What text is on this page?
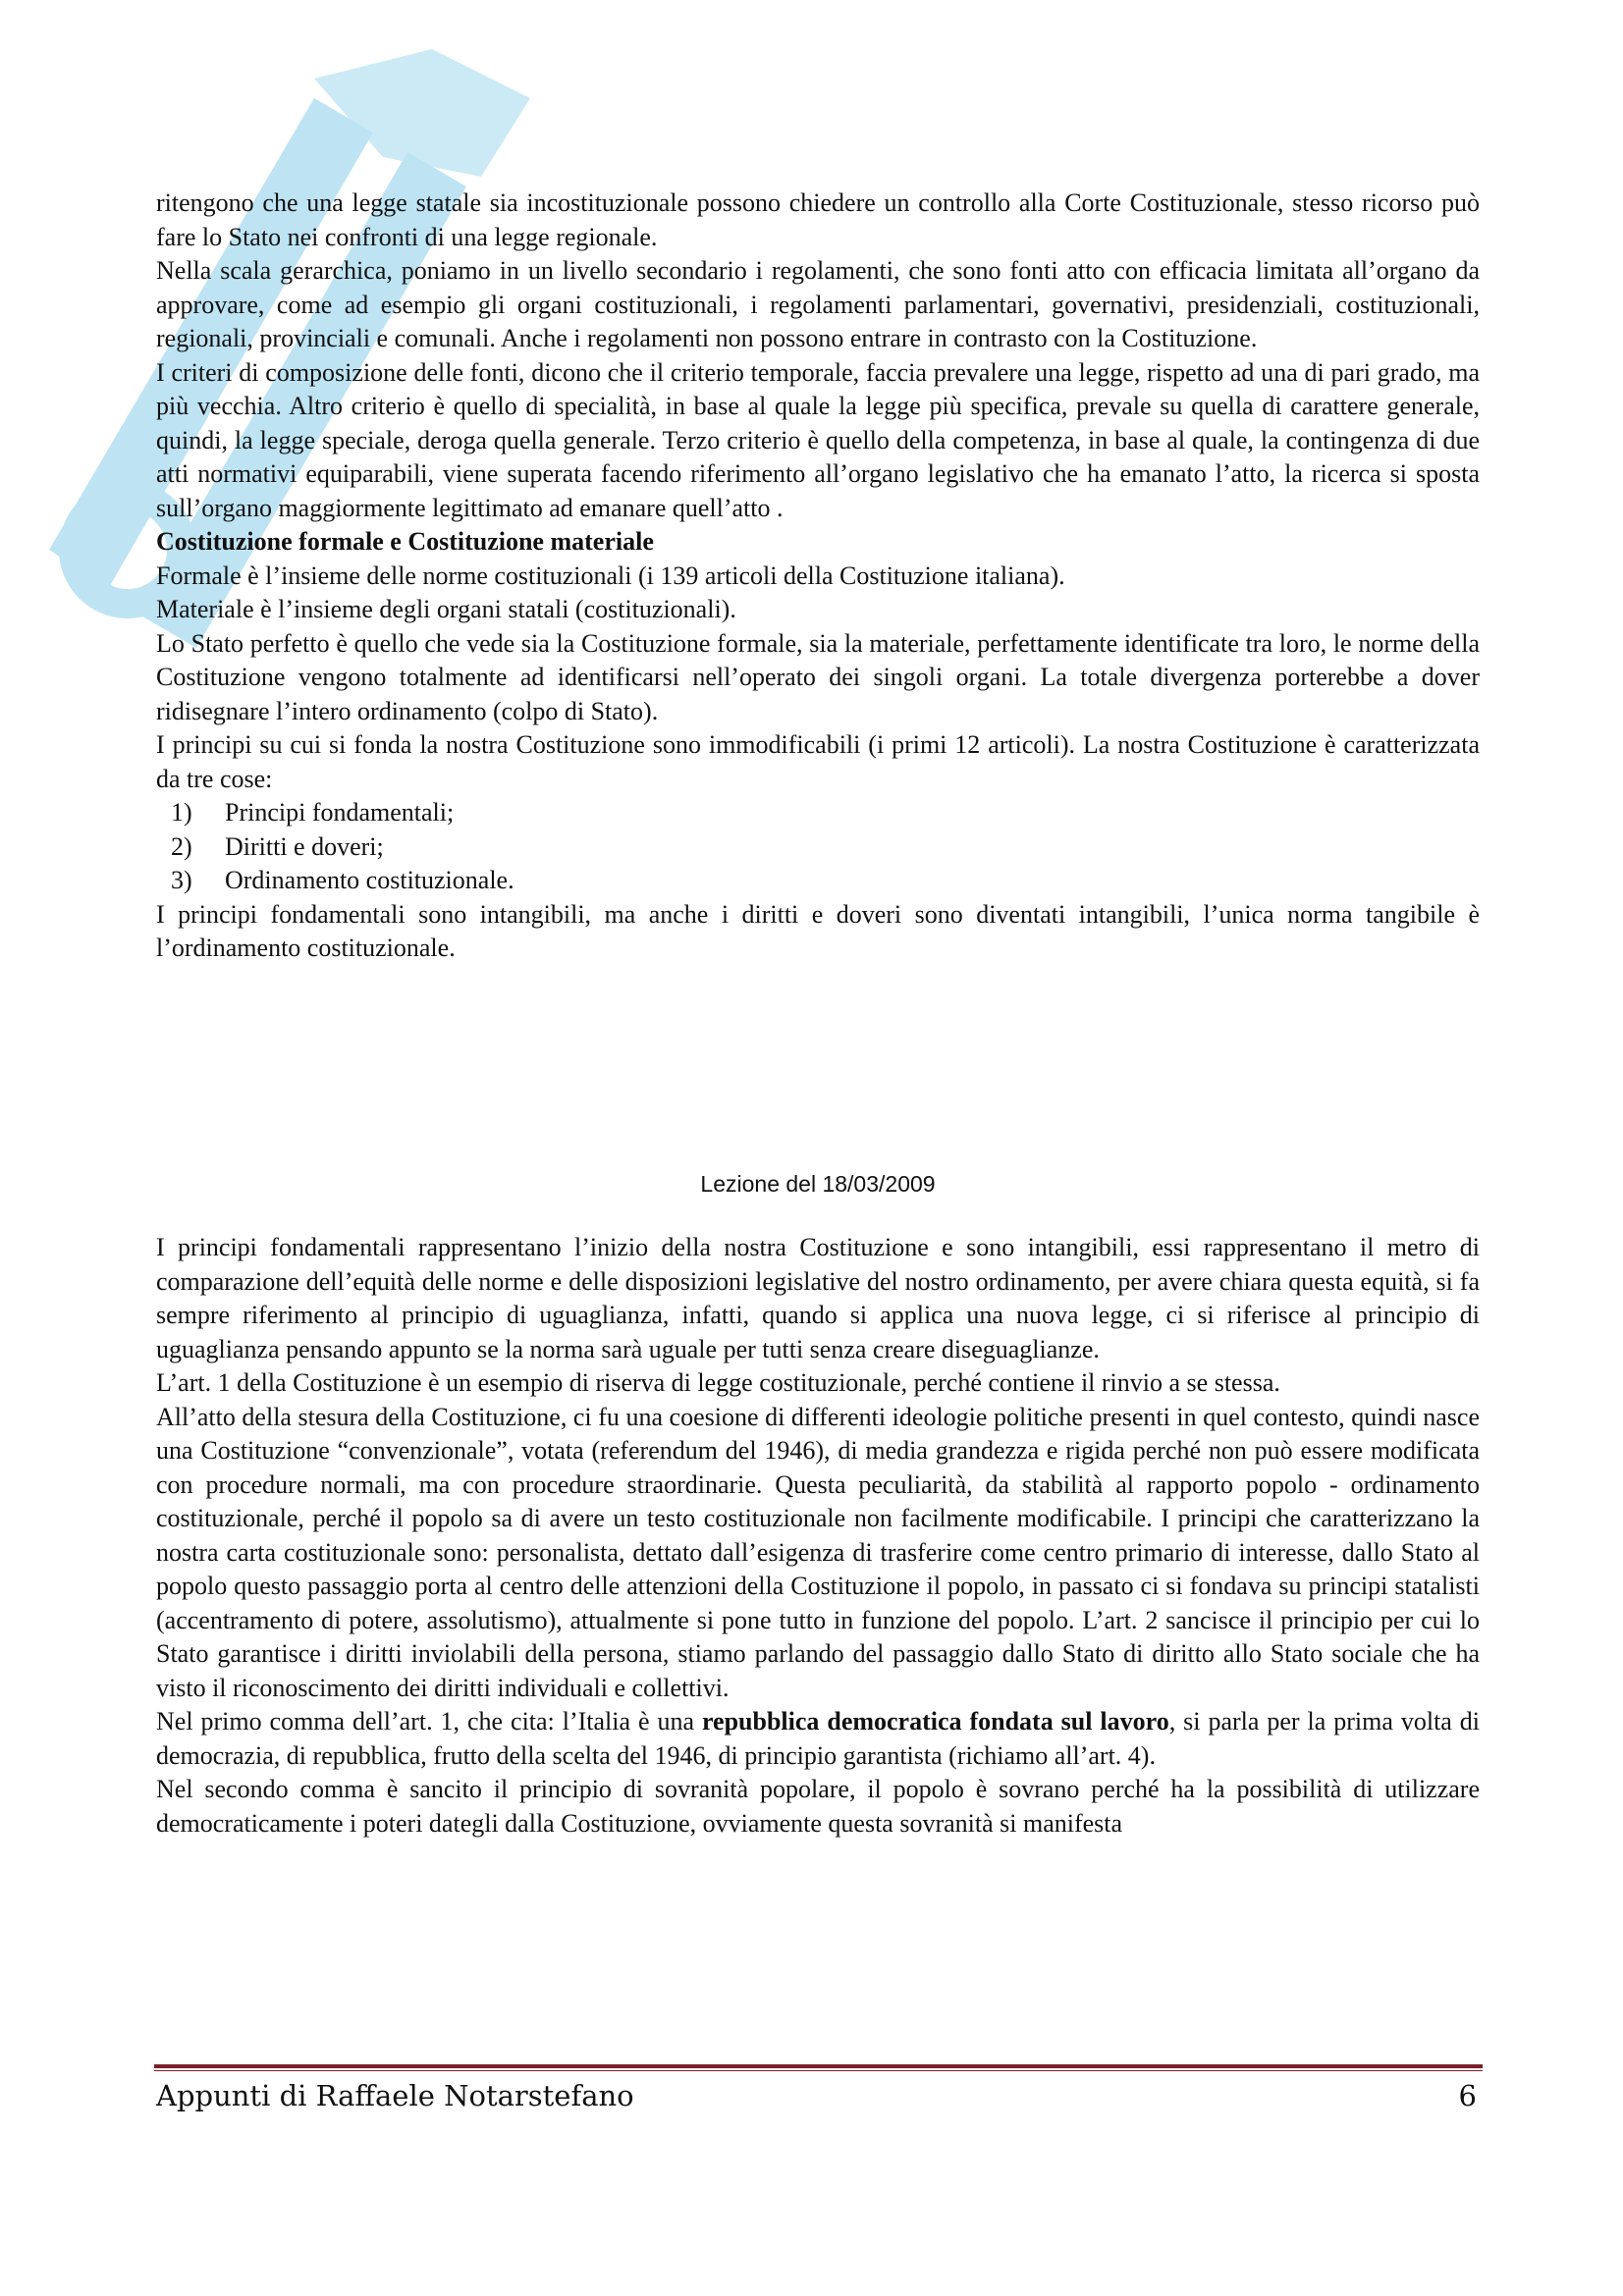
ritengono che una legge statale sia incostituzionale possono chiedere un controllo alla Corte Costituzionale, stesso ricorso può fare lo Stato nei confronti di una legge regionale.

Nella scala gerarchica, poniamo in un livello secondario i regolamenti, che sono fonti atto con efficacia limitata all’organo da approvare, come ad esempio gli organi costituzionali, i regolamenti parlamentari, governativi, presidenziali, costituzionali, regionali, provinciali e comunali. Anche i regolamenti non possono entrare in contrasto con la Costituzione.

I criteri di composizione delle fonti, dicono che il criterio temporale, faccia prevalere una legge, rispetto ad una di pari grado, ma più vecchia. Altro criterio è quello di specialità, in base al quale la legge più specifica, prevale su quella di carattere generale, quindi, la legge speciale, deroga quella generale. Terzo criterio è quello della competenza, in base al quale, la contingenza di due atti normativi equiparabili, viene superata facendo riferimento all’organo legislativo che ha emanato l’atto, la ricerca si sposta sull’organo maggiormente legittimato ad emanare quell’atto .

Costituzione formale e Costituzione materiale

Formale è l’insieme delle norme costituzionali (i 139 articoli della Costituzione italiana).

Materiale è l’insieme degli organi statali (costituzionali).

Lo Stato perfetto è quello che vede sia la Costituzione formale, sia la materiale, perfettamente identificate tra loro, le norme della Costituzione vengono totalmente ad identificarsi nell’operato dei singoli organi. La totale divergenza porterebbe a dover ridisegnare l’intero ordinamento (colpo di Stato).

I principi su cui si fonda la nostra Costituzione sono immodificabili (i primi 12 articoli). La nostra Costituzione è caratterizzata da tre cose:

1) Principi fondamentali;
2) Diritti e doveri;
3) Ordinamento costituzionale.

I principi fondamentali sono intangibili, ma anche i diritti e doveri sono diventati intangibili, l’unica norma tangibile è l’ordinamento costituzionale.

Lezione del 18/03/2009

I principi fondamentali rappresentano l’inizio della nostra Costituzione e sono intangibili, essi rappresentano il metro di comparazione dell’equità delle norme e delle disposizioni legislative del nostro ordinamento, per avere chiara questa equità, si fa sempre riferimento al principio di uguaglianza, infatti, quando si applica una nuova legge, ci si riferisce al principio di uguaglianza pensando appunto se la norma sarà uguale per tutti senza creare diseguaglianze.

L’art. 1 della Costituzione è un esempio di riserva di legge costituzionale, perché contiene il rinvio a se stessa.

All’atto della stesura della Costituzione, ci fu una coesione di differenti ideologie politiche presenti in quel contesto, quindi nasce una Costituzione “convenzionale”, votata (referendum del 1946), di media grandezza e rigida perché non può essere modificata con procedure normali, ma con procedure straordinarie. Questa peculiarità, da stabilità al rapporto popolo - ordinamento costituzionale, perché il popolo sa di avere un testo costituzionale non facilmente modificabile. I principi che caratterizzano la nostra carta costituzionale sono: personalista, dettato dall’esigenza di trasferire come centro primario di interesse, dallo Stato al popolo questo passaggio porta al centro delle attenzioni della Costituzione il popolo, in passato ci si fondava su principi statalisti (accentramento di potere, assolutismo), attualmente si pone tutto in funzione del popolo. L’art. 2 sancisce il principio per cui lo Stato garantisce i diritti inviolabili della persona, stiamo parlando del passaggio dallo Stato di diritto allo Stato sociale che ha visto il riconoscimento dei diritti individuali e collettivi.

Nel primo comma dell’art. 1, che cita: l’Italia è una repubblica democratica fondata sul lavoro, si parla per la prima volta di democrazia, di repubblica, frutto della scelta del 1946, di principio garantista (richiamo all’art. 4).

Nel secondo comma è sancito il principio di sovranità popolare, il popolo è sovrano perché ha la possibilità di utilizzare democraticamente i poteri dategli dalla Costituzione, ovviamente questa sovranità si manifesta

Appunti di Raffaele Notarstefano	6
